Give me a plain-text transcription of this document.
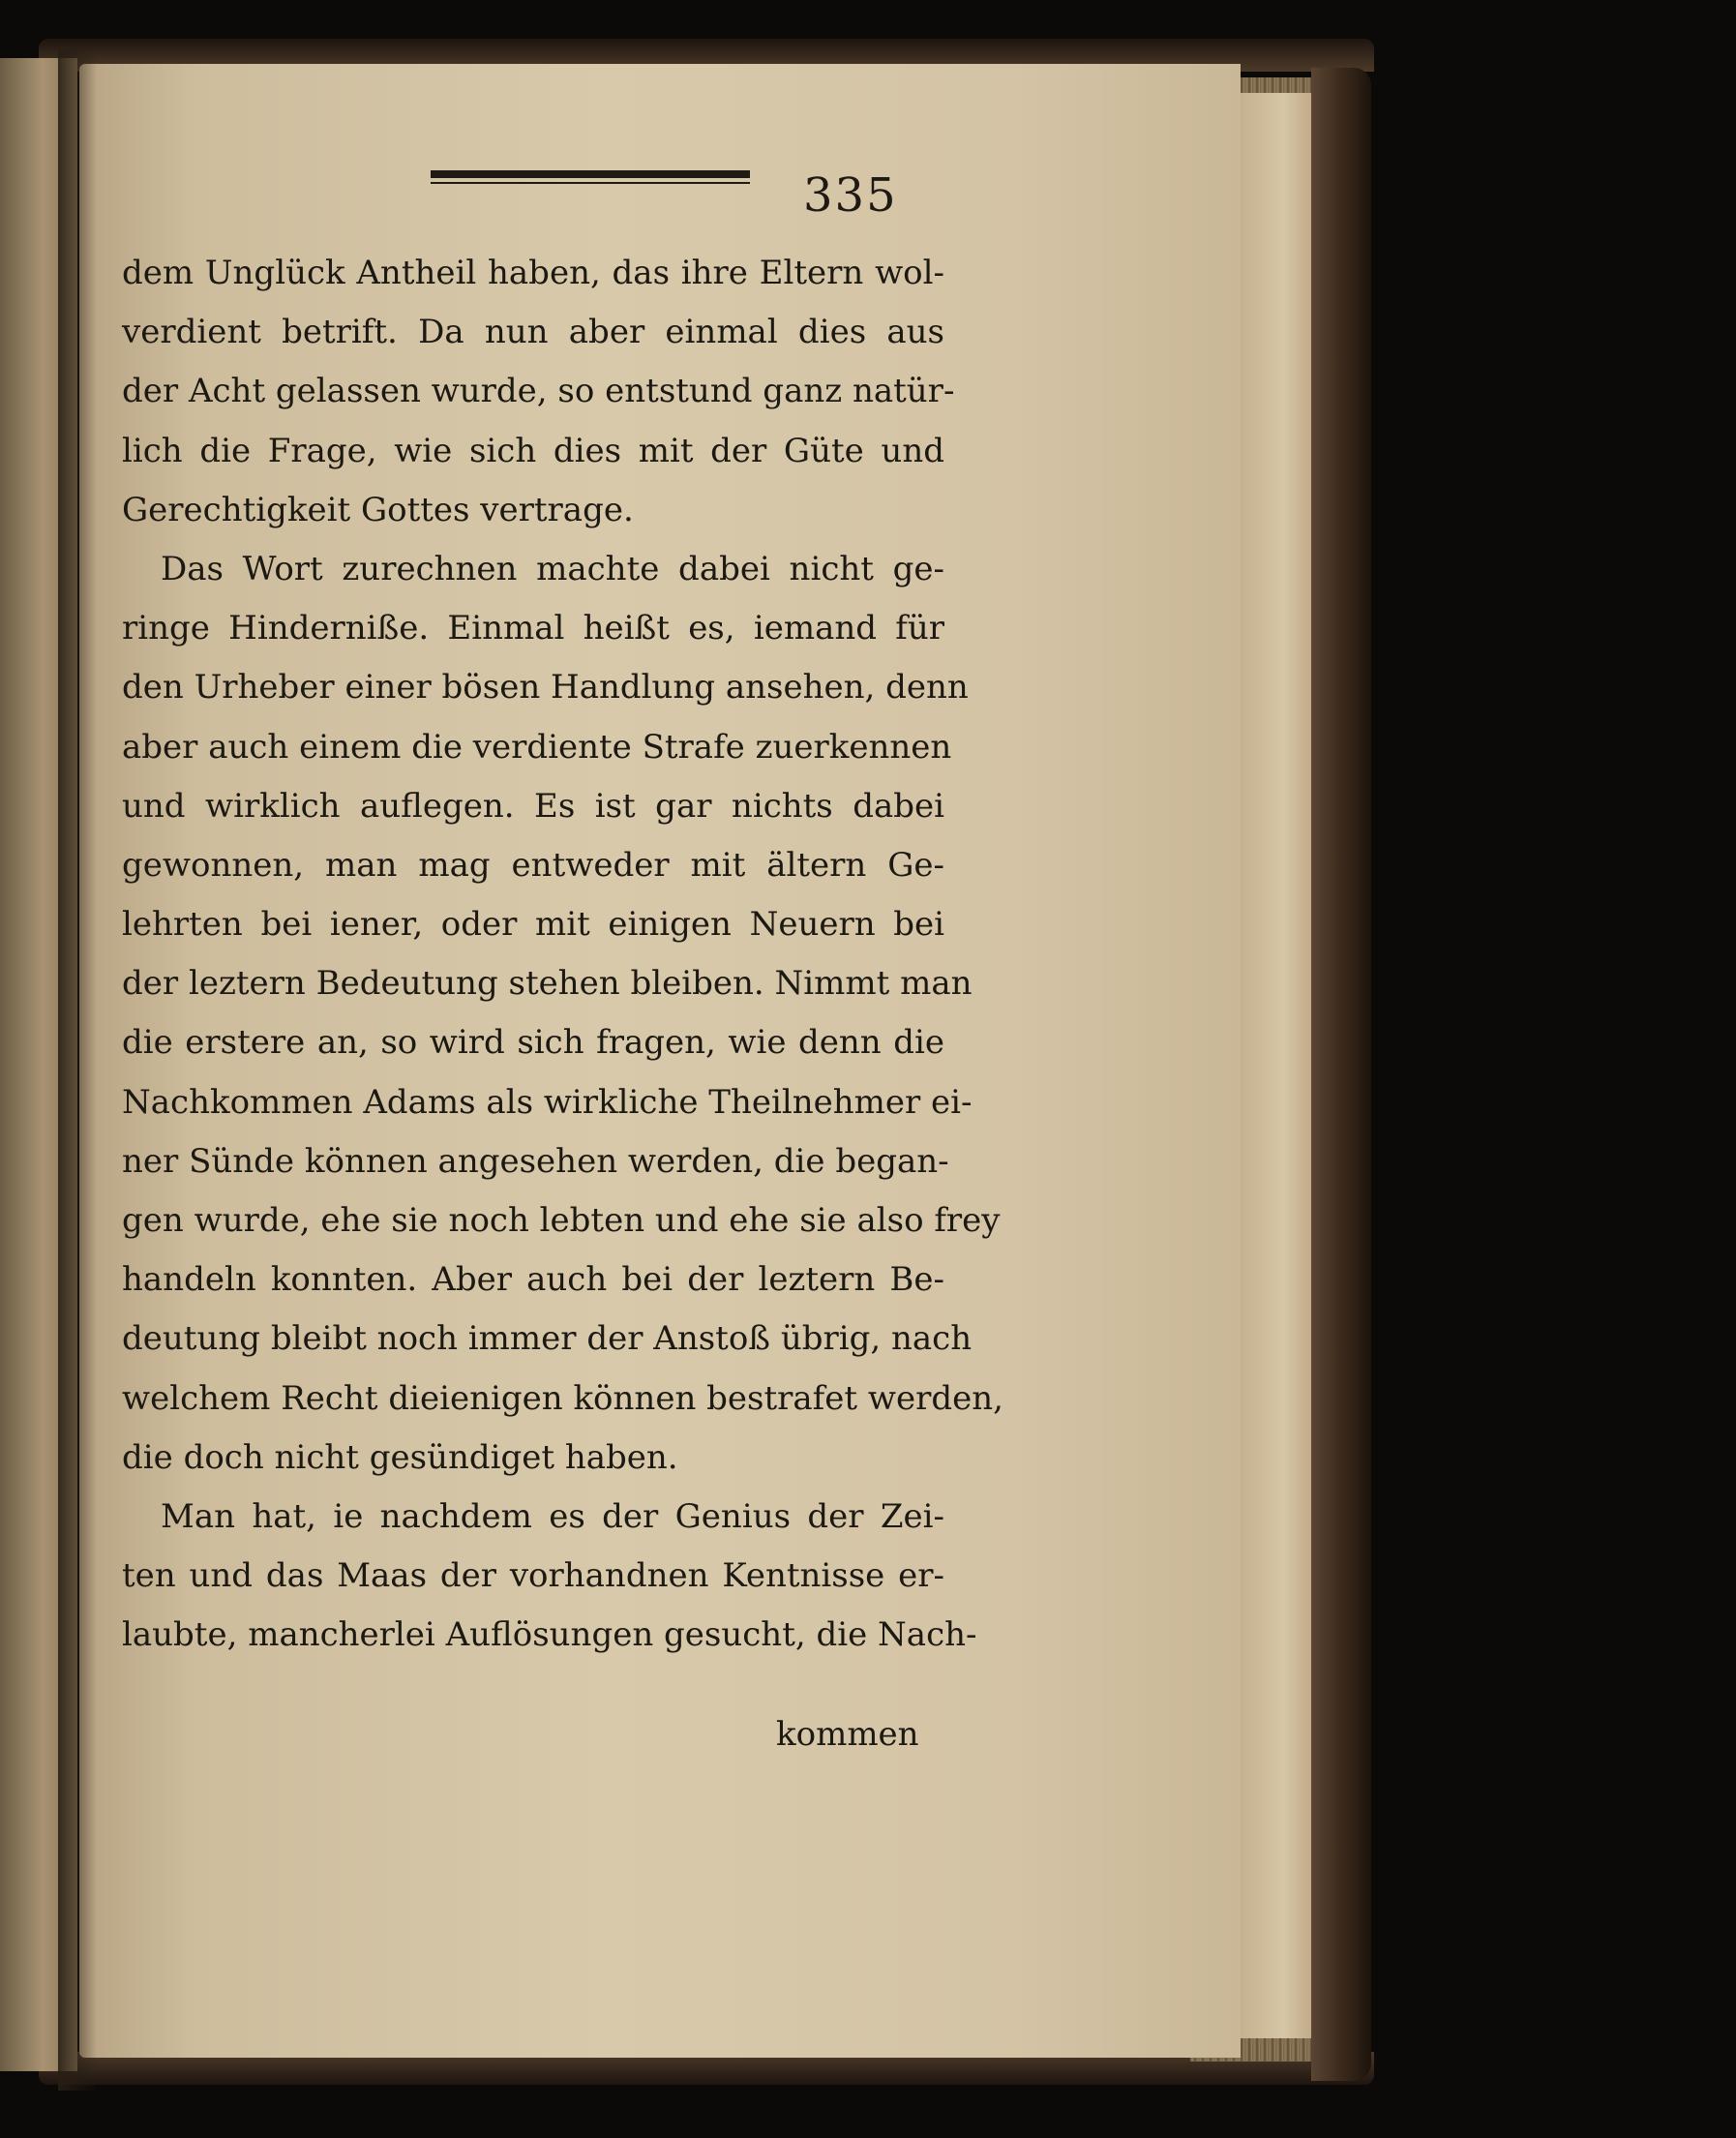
335
dem Unglück Antheil haben, das ihre Eltern wol-
verdient betrift. Da nun aber einmal dies aus
der Acht gelassen wurde, so entstund ganz natür-
lich die Frage, wie sich dies mit der Güte und
Gerechtigkeit Gottes vertrage.
Das Wort zurechnen machte dabei nicht ge-
ringe Hinderniße. Einmal heißt es, iemand für
den Urheber einer bösen Handlung ansehen, denn
aber auch einem die verdiente Strafe zuerkennen
und wirklich auflegen. Es ist gar nichts dabei
gewonnen, man mag entweder mit ältern Ge-
lehrten bei iener, oder mit einigen Neuern bei
der leztern Bedeutung stehen bleiben. Nimmt man
die erstere an, so wird sich fragen, wie denn die
Nachkommen Adams als wirkliche Theilnehmer ei-
ner Sünde können angesehen werden, die began-
gen wurde, ehe sie noch lebten und ehe sie also frey
handeln konnten. Aber auch bei der leztern Be-
deutung bleibt noch immer der Anstoß übrig, nach
welchem Recht dieienigen können bestrafet werden,
die doch nicht gesündiget haben.
Man hat, ie nachdem es der Genius der Zei-
ten und das Maas der vorhandnen Kentnisse er-
laubte, mancherlei Auflösungen gesucht, die Nach-
kommen
